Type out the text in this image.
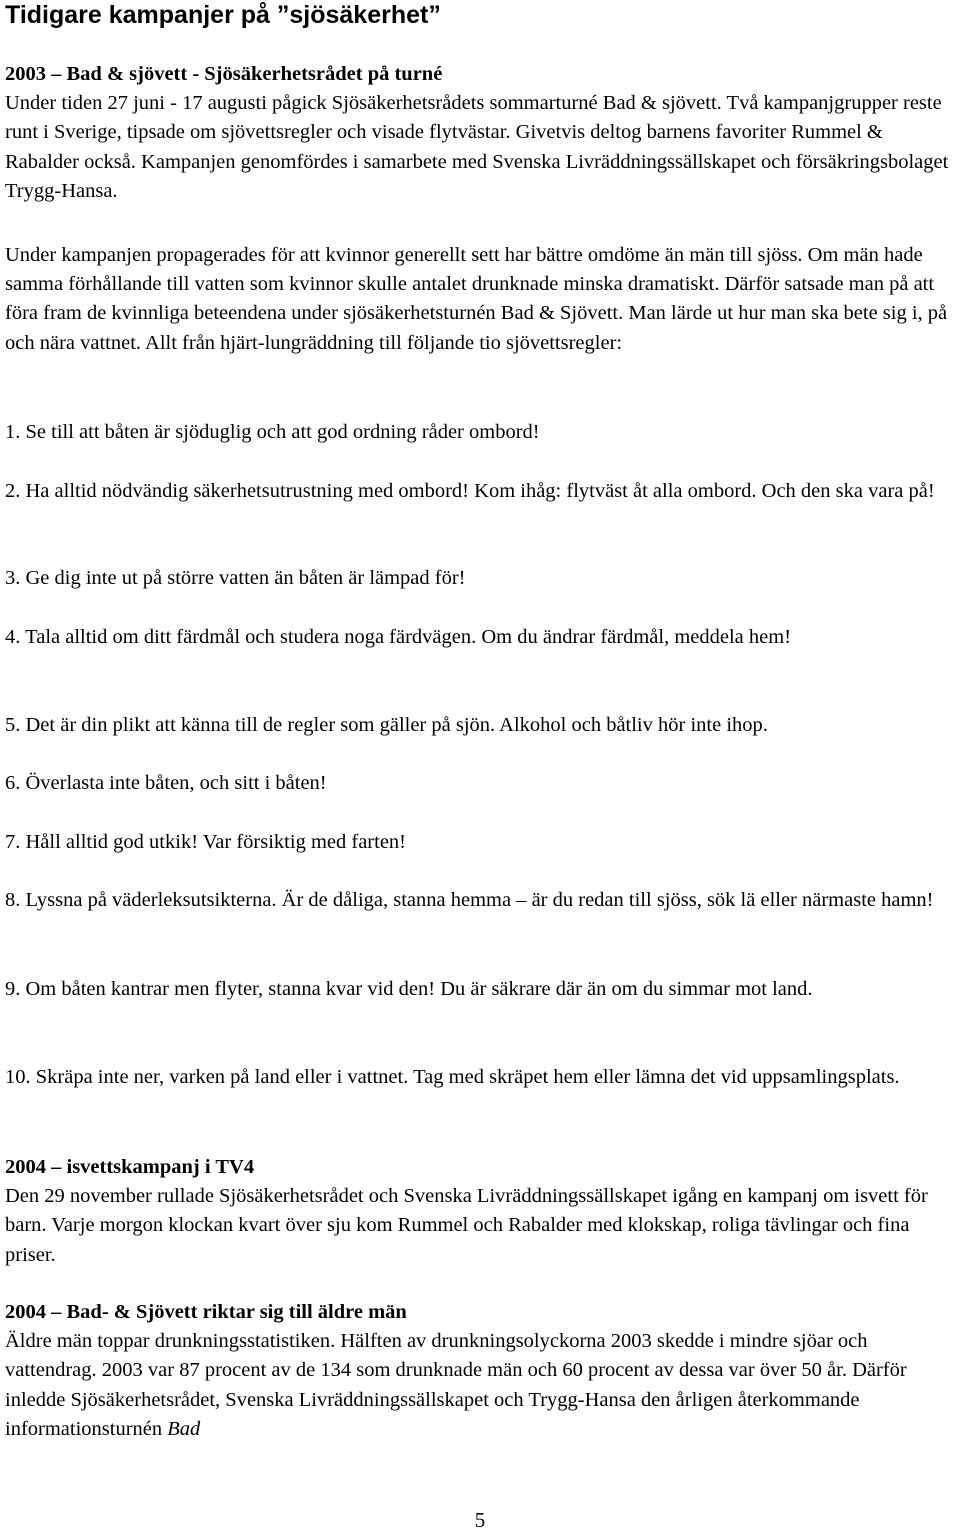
Tidigare kampanjer på ”sjösäkerhet”
2003 – Bad & sjövett - Sjösäkerhetsrådet på turné
Under tiden 27 juni - 17 augusti pågick Sjösäkerhetsrådets sommarturné Bad & sjövett. Två kampanjgrupper reste runt i Sverige, tipsade om sjövettsregler och visade flytvästar. Givetvis deltog barnens favoriter Rummel & Rabalder också. Kampanjen genomfördes i samarbete med Svenska Livräddningssällskapet och försäkringsbolaget Trygg-Hansa.
Under kampanjen propagerades för att kvinnor generellt sett har bättre omdöme än män till sjöss. Om män hade samma förhållande till vatten som kvinnor skulle antalet drunknade minska dramatiskt. Därför satsade man på att föra fram de kvinnliga beteendena under sjösäkerhetsturnén Bad & Sjövett. Man lärde ut hur man ska bete sig i, på och nära vattnet. Allt från hjärt-lungräddning till följande tio sjövettsregler:
1. Se till att båten är sjöduglig och att god ordning råder ombord!
2. Ha alltid nödvändig säkerhetsutrustning med ombord! Kom ihåg: flytväst åt alla ombord. Och den ska vara på!
3. Ge dig inte ut på större vatten än båten är lämpad för!
4. Tala alltid om ditt färdmål och studera noga färdvägen. Om du ändrar färdmål, meddela hem!
5. Det är din plikt att känna till de regler som gäller på sjön. Alkohol och båtliv hör inte ihop.
6. Överlasta inte båten, och sitt i båten!
7. Håll alltid god utkik! Var försiktig med farten!
8. Lyssna på väderleksutsikterna. Är de dåliga, stanna hemma – är du redan till sjöss, sök lä eller närmaste hamn!
9. Om båten kantrar men flyter, stanna kvar vid den! Du är säkrare där än om du simmar mot land.
10. Skräpa inte ner, varken på land eller i vattnet. Tag med skräpet hem eller lämna det vid uppsamlingsplats.
2004 – isvettskampanj i TV4
Den 29 november rullade Sjösäkerhetsrådet och Svenska Livräddningssällskapet igång en kampanj om isvett för barn. Varje morgon klockan kvart över sju kom Rummel och Rabalder med klokskap, roliga tävlingar och fina priser.
2004 – Bad- & Sjövett riktar sig till äldre män
Äldre män toppar drunkningsstatistiken. Hälften av drunkningsolyckorna 2003 skedde i mindre sjöar och vattendrag. 2003 var 87 procent av de 134 som drunknade män och 60 procent av dessa var över 50 år. Därför inledde Sjösäkerhetsrådet, Svenska Livräddningssällskapet och Trygg-Hansa den årligen återkommande informationsturnén Bad
5
